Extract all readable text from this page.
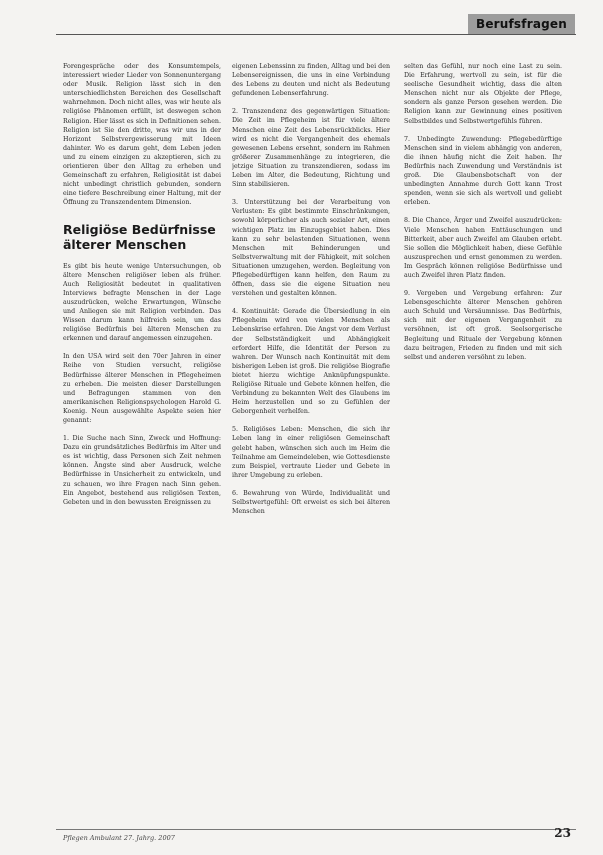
Berufsfragen

Forengespräche oder des Konsumtempels, interessiert wieder Lieder von Sonnenuntergang oder Musik. Religion lässt sich in den unterschiedlichsten Bereichen des Gesellschaft wahrnehmen. Doch nicht alles, was wir heute als religiöse Phänomen erfüllt, ist deswegen schon Religion. Hier lässt es sich in Definitionen sehen. Religion ist Sie den dritte, was wir uns in der Horizont Selbstvergewisserung mit Ideen dahinter. Wo es darum geht, dem Leben jeden und zu einem einzigen zu akzeptieren, sich zu orientieren über den Alltag zu erheben und Gemeinschaft zu erfahren, Religiosität ist dabei nicht unbedingt christlich gebunden, sondern eine tiefere Beschreibung einer Haltung, mit der Öffnung zu Transzendentem Dimension.

Religiöse Bedürfnisse älterer Menschen

Es gibt bis heute wenige Untersuchungen, ob ältere Menschen religiöser leben als früher. Auch Religiosität bedeutet in qualitativen Interviews befragte Menschen in der Lage auszudrücken, welche Erwartungen, Wünsche und Anliegen sie mit Religion verbinden. Das Wissen darum kann hilfreich sein, um das religiöse Bedürfnis bei älteren Menschen zu erkennen und darauf angemessen einzugehen.

In den USA wird seit den 70er Jahren in einer Reihe von Studien versucht, religiöse Bedürfnisse älterer Menschen in Pflegeheimen zu erheben. Die meisten dieser Darstellungen und Befragungen stammen von den amerikanischen Religionspsychologen Harold G. Koenig. Neun ausgewählte Aspekte seien hier genannt:

1. Die Suche nach Sinn, Zweck und Hoffnung: Dazu ein grundsätzliches Bedürfnis im Alter und es ist wichtig, dass Personen sich Zeit nehmen können. Ängste sind aber Ausdruck, welche Bedürfnisse in Unsicherheit zu entwickeln, und zu schauen, wo ihre Fragen nach Sinn gehen. Ein Angebot, bestehend aus religiösen Texten, Gebeten und in den bewussten Ereignissen zu

eigenen Lebenssinn zu finden, Alltag und bei den Lebensereignissen, die uns in eine Verbindung des Lebens zu deuten und nicht als Bedeutung gefundenen Lebenserfahrung.

2. Transzendenz des gegenwärtigen Situation: Die Zeit im Pflegeheim ist für viele ältere Menschen eine Zeit des Lebensrückblicks. Hier wird es nicht die Vergangenheit des ehemals gewesenen Lebens ersehnt, sondern im Rahmen größerer Zusammenhänge zu integrieren, die jetzige Situation zu transzendieren, sodass im Leben im Alter, die Bedeutung, Richtung und Sinn stabilisieren.

3. Unterstützung bei der Verarbeitung von Verlusten: Es gibt bestimmte Einschränkungen, sowohl körperlicher als auch sozialer Art, einen wichtigen Platz im Einzugsgebiet haben. Dies kann zu sehr belastenden Situationen, wenn Menschen mit Behinderungen und Selbstverwaltung mit der Fähigkeit, mit solchen Situationen umzugehen, werden. Begleitung von Pflegebedürftigen kann helfen, den Raum zu öffnen, dass sie die eigene Situation neu verstehen und gestalten können.

4. Kontinuität: Gerade die Übersiedlung in ein Pflegeheim wird von vielen Menschen als Lebenskrise erfahren. Die Angst vor dem Verlust der Selbstständigkeit und Abhängigkeit erfordert Hilfe, die Identität der Person zu wahren. Der Wunsch nach Kontinuität mit dem bisherigen Leben ist groß. Die religiöse Biografie bietet hierzu wichtige Anknüpfungspunkte. Religiöse Rituale und Gebete können helfen, die Verbindung zu bekannten Welt des Glaubens im Heim herzustellen und so zu Gefühlen der Geborgenheit verhelfen.

5. Religiöses Leben: Menschen, die sich ihr Leben lang in einer religiösen Gemeinschaft gelebt haben, wünschen sich auch im Heim die Teilnahme am Gemeindeleben, wie Gottesdienste zum Beispiel, vertraute Lieder und Gebete in ihrer Umgebung zu erleben.

6. Bewahrung von Würde, Individualität und Selbstwertgefühl: Oft erweist es sich bei älteren Menschen

selten das Gefühl, nur noch eine Last zu sein. Die Erfahrung, wertvoll zu sein, ist für die seelische Gesundheit wichtig, dass die alten Menschen nicht nur als Objekte der Pflege, sondern als ganze Person gesehen werden. Die Religion kann zur Gewinnung eines positiven Selbstbildes und Selbstwertgefühls führen.

7. Unbedingte Zuwendung: Pflegebedürftige Menschen sind in vielem abhängig von anderen, die ihnen häufig nicht die Zeit haben. Ihr Bedürfnis nach Zuwendung und Verständnis ist groß. Die Glaubensbotschaft von der unbedingten Annahme durch Gott kann Trost spenden, wenn sie sich als wertvoll und geliebt erleben.

8. Die Chance, Ärger und Zweifel auszudrücken: Viele Menschen haben Enttäuschungen und Bitterkeit, aber auch Zweifel am Glauben erlebt. Sie sollen die Möglichkeit haben, diese Gefühle auszusprechen und ernst genommen zu werden. Im Gespräch können religiöse Bedürfnisse und auch Zweifel ihren Platz finden.

9. Vergeben und Vergebung erfahren: Zur Lebensgeschichte älterer Menschen gehören auch Schuld und Versäumnisse. Das Bedürfnis, sich mit der eigenen Vergangenheit zu versöhnen, ist oft groß. Seelsorgerische Begleitung und Rituale der Vergebung können dazu beitragen, Frieden zu finden und mit sich selbst und anderen versöhnt zu leben.

Pflegen Ambulant 27. Jahrg. 2007	23
